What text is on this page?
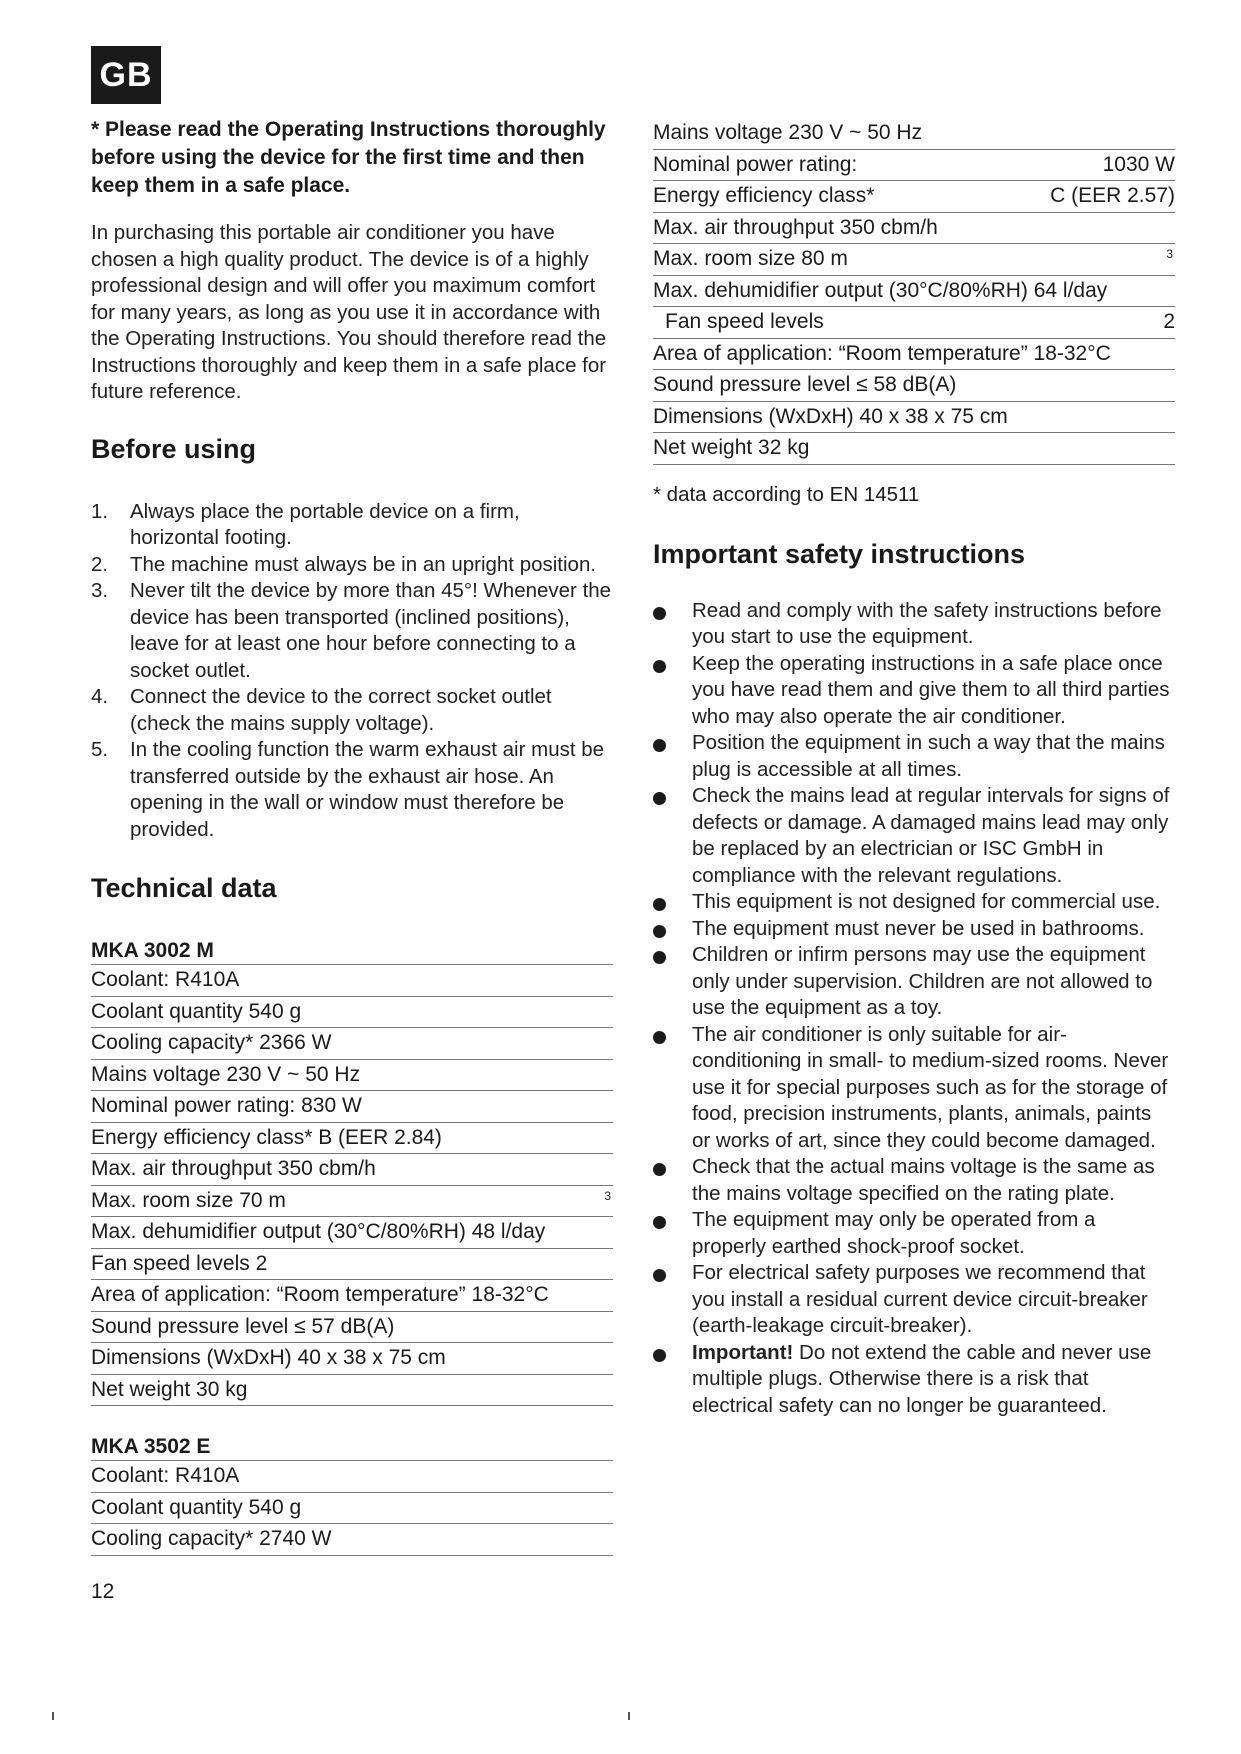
GB

* Please read the Operating Instructions thoroughly before using the device for the first time and then keep them in a safe place.

In purchasing this portable air conditioner you have chosen a high quality product. The device is of a highly professional design and will offer you maximum comfort for many years, as long as you use it in accordance with the Operating Instructions. You should therefore read the Instructions thoroughly and keep them in a safe place for future reference.

Before using
1. Always place the portable device on a firm, horizontal footing.
2. The machine must always be in an upright position.
3. Never tilt the device by more than 45°! Whenever the device has been transported (inclined positions), leave for at least one hour before connecting to a socket outlet.
4. Connect the device to the correct socket outlet (check the mains supply voltage).
5. In the cooling function the warm exhaust air must be transferred outside by the exhaust air hose. An opening in the wall or window must therefore be provided.
Technical data
MKA 3002 M
Coolant: R410A
Coolant quantity 540 g
Cooling capacity* 2366 W
Mains voltage 230 V ~ 50 Hz
Nominal power rating: 830 W
Energy efficiency class* B (EER 2.84)
Max. air throughput 350 cbm/h
Max. room size 70 m	3
Max. dehumidifier output (30°C/80%RH) 48 l/day
Fan speed levels 2
Area of application: “Room temperature” 18-32°C
Sound pressure level ≤ 57 dB(A)
Dimensions (WxDxH) 40 x 38 x 75 cm
Net weight 30 kg
MKA 3502 E
Coolant: R410A
Coolant quantity 540 g
Cooling capacity* 2740 W
12
Mains voltage 230 V ~ 50 Hz
Nominal power rating:	1030 W
Energy efficiency class*	C (EER 2.57)
Max. air throughput 350 cbm/h
Max. room size 80 m	3
Max. dehumidifier output (30°C/80%RH) 64 l/day
Fan speed levels	2
Area of application: “Room temperature” 18-32°C
Sound pressure level ≤ 58 dB(A)
Dimensions (WxDxH) 40 x 38 x 75 cm
Net weight 32 kg
* data according to EN 14511
Important safety instructions
Read and comply with the safety instructions before you start to use the equipment.
Keep the operating instructions in a safe place once you have read them and give them to all third parties who may also operate the air conditioner.
Position the equipment in such a way that the mains plug is accessible at all times.
Check the mains lead at regular intervals for signs of defects or damage. A damaged mains lead may only be replaced by an electrician or ISC GmbH in compliance with the relevant regulations.
This equipment is not designed for commercial use.
The equipment must never be used in bathrooms.
Children or infirm persons may use the equipment only under supervision. Children are not allowed to use the equipment as a toy.
The air conditioner is only suitable for air-conditioning in small- to medium-sized rooms. Never use it for special purposes such as for the storage of food, precision instruments, plants, animals, paints or works of art, since they could become damaged.
Check that the actual mains voltage is the same as the mains voltage specified on the rating plate.
The equipment may only be operated from a properly earthed shock-proof socket.
For electrical safety purposes we recommend that you install a residual current device circuit-breaker (earth-leakage circuit-breaker).
Important! Do not extend the cable and never use multiple plugs. Otherwise there is a risk that electrical safety can no longer be guaranteed.
